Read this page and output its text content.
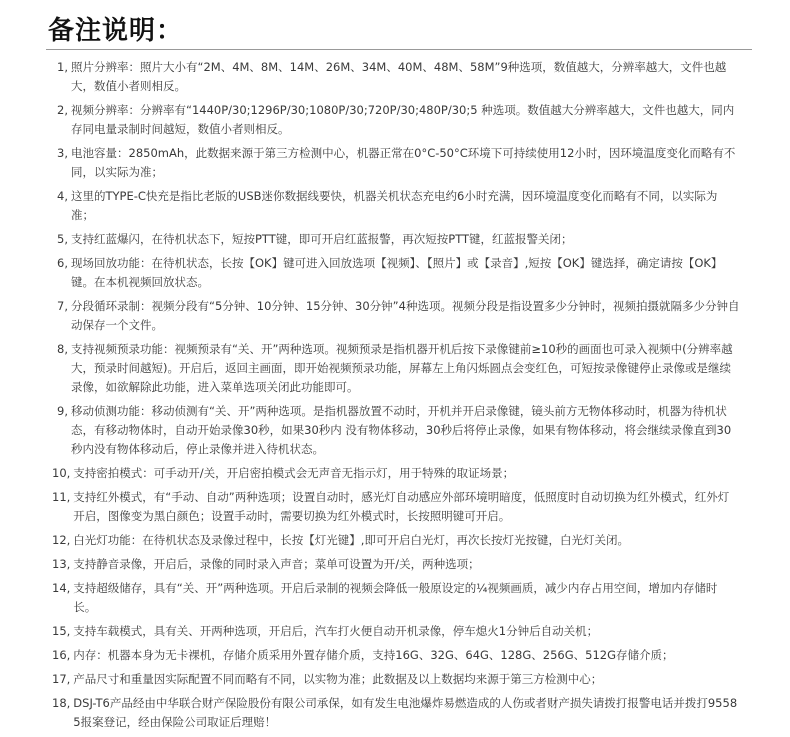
备注说明：
1, 照片分辨率：照片大小有“2M、4M、8M、14M、26M、34M、40M、48M、58M”9种选项，数值越大，分辨率越大，文件也越大，数值小者则相反。
2, 视频分辨率：分辨率有“1440P/30;1296P/30;1080P/30;720P/30;480P/30;5 种选项。数值越大分辨率越大，文件也越大，同内存同电量录制时间越短，数值小者则相反。
3, 电池容量：2850mAh，此数据来源于第三方检测中心，机器正常在0°C-50°C环境下可持续使用12小时，因环境温度变化而略有不同，以实际为准；
4, 这里的TYPE-C快充是指比老版的USB迷你数据线要快，机器关机状态充电约6小时充满，因环境温度变化而略有不同，以实际为准；
5, 支持红蓝爆闪，在待机状态下，短按PTT键，即可开启红蓝报警，再次短按PTT键，红蓝报警关闭；
6, 现场回放功能：在待机状态，长按【OK】键可进入回放选项【视频】、【照片】或【录音】,短按【OK】键选择，确定请按【OK】键。在本机视频回放状态。
7, 分段循环录制：视频分段有“5分钟、10分钟、15分钟、30分钟”4种选项。视频分段是指设置多少分钟时，视频拍摄就隔多少分钟自动保存一个文件。
8, 支持视频预录功能：视频预录有“关、开”两种选项。视频预录是指机器开机后按下录像键前≥10秒的画面也可录入视频中(分辨率越大，预录时间越短)。开启后，返回主画面，即开始视频预录功能，屏幕左上角闪烁圆点会变红色，可短按录像键停止录像或是继续录像，如欲解除此功能，进入菜单选项关闭此功能即可。
9, 移动侦测功能：移动侦测有“关、开”两种选项。是指机器放置不动时，开机并开启录像键，镜头前方无物体移动时，机器为待机状态，有移动物体时，自动开始录像30秒，如果30秒内 没有物体移动，30秒后将停止录像，如果有物体移动，将会继续录像直到30秒内没有物体移动后，停止录像并进入待机状态。
10, 支持密拍模式：可手动开/关，开启密拍模式会无声音无指示灯，用于特殊的取证场景；
11, 支持红外模式，有“手动、自动”两种选项；设置自动时，感光灯自动感应外部环境明暗度，低照度时自动切换为红外模式，红外灯开启，图像变为黑白颜色；设置手动时，需要切换为红外模式时，长按照明键可开启。
12, 白光灯功能：在待机状态及录像过程中，长按【灯光键】,即可开启白光灯，再次长按灯光按键，白光灯关闭。
13, 支持静音录像，开启后，录像的同时录入声音；菜单可设置为开/关，两种选项；
14, 支持超级储存，具有“关、开”两种选项。开启后录制的视频会降低一般原设定的¼视频画质，减少内存占用空间，增加内存储时长。
15, 支持车载模式，具有关、开两种选项，开启后，汽车打火便自动开机录像，停车熄火1分钟后自动关机；
16, 内存：机器本身为无卡裸机，存储介质采用外置存储介质，支持16G、32G、64G、128G、256G、512G存储介质；
17, 产品尺寸和重量因实际配置不同而略有不同，以实物为准；此数据及以上数据均来源于第三方检测中心；
18, DSJ-T6产品经由中华联合财产保险股份有限公司承保，如有发生电池爆炸易燃造成的人伤或者财产损失请拨打报警电话并拨打95585报案登记，经由保险公司取证后理赔！
